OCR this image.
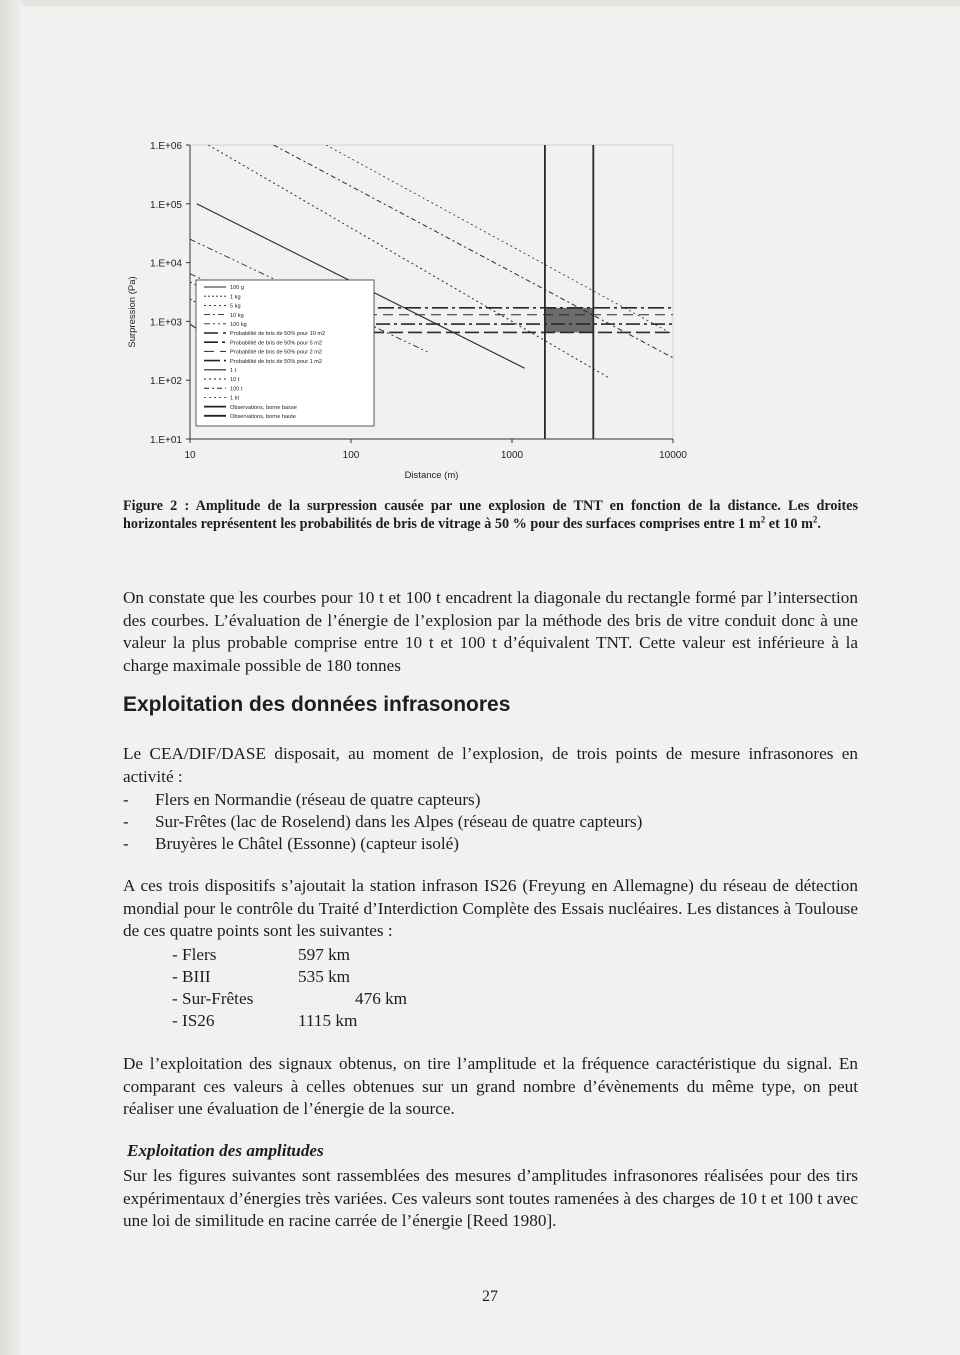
10	100	1000	10000
1.E+01
1.E+02
1.E+03
1.E+04
1.E+05
1.E+06
Distance (m)
Surpression (Pa)	100 g
1 kg
5 kg
10 kg
100 kg
Probabilité de bris de 50% pour 10 m2
Probabilité de bris de 50% pour 5 m2
Probabilité de bris de 50% pour 2 m2
Probabilité de bris de 50% pour 1 m2
1 t
10 t
100 t
1 kt
Observations, borne basse
Observations, borne haute
Figure 2 : Amplitude de la surpression causée par une explosion de TNT en fonction de la distance. Les droites horizontales représentent les probabilités de bris de vitrage à 50 % pour des surfaces comprises entre 1 $m^2$ et 10 $m^2$.

On constate que les courbes pour 10 t et 100 t encadrent la diagonale du rectangle formé par l’intersection des courbes. L’évaluation de l’énergie de l’explosion par la méthode des bris de vitre conduit donc à une valeur la plus probable comprise entre 10 t et 100 t d’équivalent TNT. Cette valeur est inférieure à la charge maximale possible de 180 tonnes

Exploitation des données infrasonores

Le CEA/DIF/DASE disposait, au moment de l’explosion, de trois points de mesure infrasonores en activité :

- Flers en Normandie (réseau de quatre capteurs)
- Sur-Frêtes (lac de Roselend) dans les Alpes (réseau de quatre capteurs)
- Bruyères le Châtel (Essonne) (capteur isolé)

A ces trois dispositifs s’ajoutait la station infrason IS26 (Freyung en Allemagne) du réseau de détection mondial pour le contrôle du Traité d’Interdiction Complète des Essais nucléaires. Les distances à Toulouse de ces quatre points sont les suivantes :

- Flers	597 km
- BIII	535 km
- Sur-Frêtes	476 km
- IS26	1115 km

De l’exploitation des signaux obtenus, on tire l’amplitude et la fréquence caractéristique du signal. En comparant ces valeurs à celles obtenues sur un grand nombre d’évènements du même type, on peut réaliser une évaluation de l’énergie de la source.

Exploitation des amplitudes

Sur les figures suivantes sont rassemblées des mesures d’amplitudes infrasonores réalisées pour des tirs expérimentaux d’énergies très variées. Ces valeurs sont toutes ramenées à des charges de 10 t et 100 t avec une loi de similitude en racine carrée de l’énergie [Reed 1980].

27
